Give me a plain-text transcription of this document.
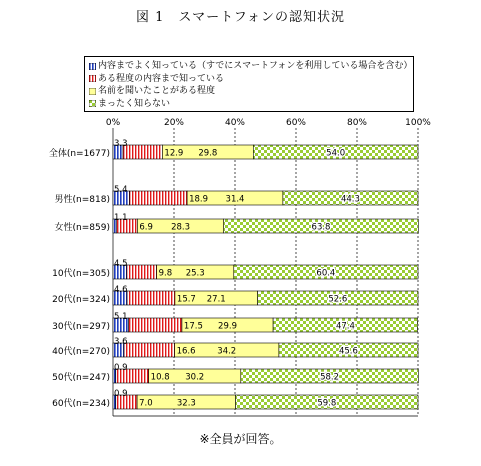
図 1　スマートフォンの認知状況
内容までよく知っている（すでにスマートフォンを利用している場合を含む）
ある程度の内容まで知っている
名前を聞いたことがある程度
まったく知らない
0%	20%	40%	60%	80%	100%
全体(n=1677)
3.3
12.9 29.8	54.0
男性(n=818)
5.4
18.9 31.4	44.3
女性(n=859)
1.1
6.9 28.3	63.8
10代(n=305)
4.5
9.8 25.3	60.4
20代(n=324)
4.6
15.7 27.1	52.6
30代(n=297)
5.1
17.5 29.9	47.4
40代(n=270)
3.6
16.6	34.2	45.6
50代(n=247)
0.9
10.8 30.2	58.2
60代(n=234)
0.9
7.0	32.3	59.8
※全員が回答。
